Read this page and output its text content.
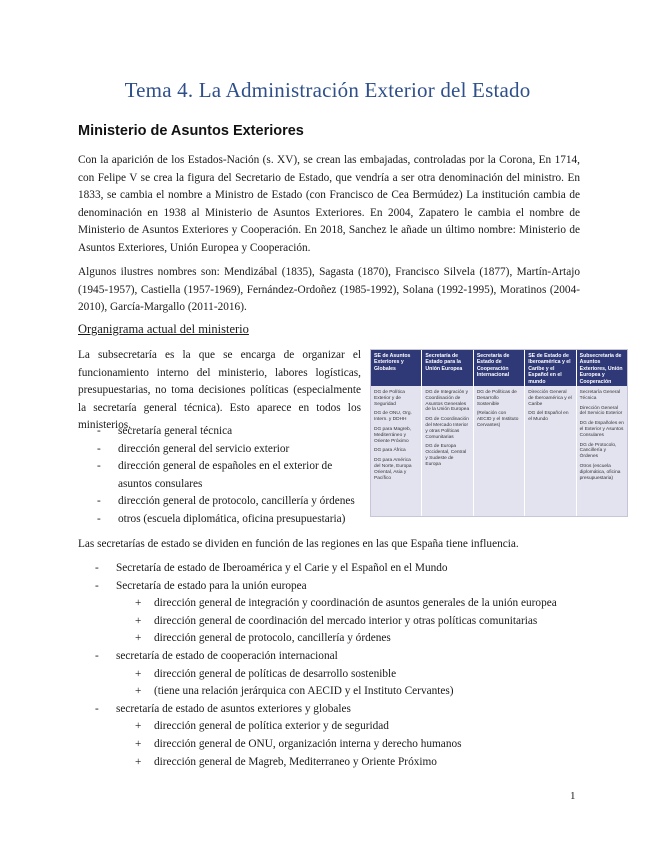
Tema 4. La Administración Exterior del Estado
Ministerio de Asuntos Exteriores
Con la aparición de los Estados-Nación (s. XV), se crean las embajadas, controladas por la Corona, En 1714, con Felipe V se crea la figura del Secretario de Estado, que vendría a ser otra denominación del ministro. En 1833, se cambia el nombre a Ministro de Estado (con Francisco de Cea Bermúdez) La institución cambia de denominación en 1938 al Ministerio de Asuntos Exteriores. En 2004, Zapatero le cambia el nombre de Ministerio de Asuntos Exteriores y Cooperación. En 2018, Sanchez le añade un último nombre: Ministerio de Asuntos Exteriores, Unión Europea y Cooperación.
Algunos ilustres nombres son: Mendizábal (1835), Sagasta (1870), Francisco Silvela (1877), Martín-Artajo (1945-1957), Castiella (1957-1969), Fernández-Ordoñez (1985-1992), Solana (1992-1995), Moratinos (2004-2010), García-Margallo (2011-2016).
Organigrama actual del ministerio
La subsecretaría es la que se encarga de organizar el funcionamiento interno del ministerio, labores logísticas, presupuestarias, no toma decisiones políticas (especialmente la secretaría general técnica). Esto aparece en todos los ministerios.
- secretaría general técnica
- dirección general del servicio exterior
- dirección general de españoles en el exterior de asuntos consulares
- dirección general de protocolo, cancillería y órdenes
- otros (escuela diplomática, oficina presupuestaria)
SE de Asuntos Exteriores y Globales
DG de Política Exterior y de Seguridad
DG de ONU, Org. Intern. y DDHH
DG para Magreb, Mediterráneo y Oriente Próximo
DG para África
DG para América del Norte, Europa Oriental, Asia y Pacífico
Secretaría de Estado para la Unión Europea
DG de Integración y Coordinación de Asuntos Generales de la Unión Europea
DG de Coordinación del Mercado Interior y otras Políticas Comunitarias
DG de Europa Occidental, Central y Sudeste de Europa
Secretaría de Estado de Cooperación Internacional
DG de Políticas de Desarrollo Sostenible
(Relación con AECID y el Instituto Cervantes)
SE de Estado de Iberoamérica y el Caribe y el Español en el mundo
Dirección General de Iberoamérica y el Caribe
DG del Español en el Mundo
Subsecretaría de Asuntos Exteriores, Unión Europea y Cooperación
Secretaría General Técnica
Dirección General del Servicio Exterior
DG de Españoles en el Exterior y Asuntos Consulares
DG de Protocolo, Cancillería y Órdenes
Otros (escuela diplomática, oficina presupuestaria)
Las secretarías de estado se dividen en función de las regiones en las que España tiene influencia.
- Secretaría de estado de Iberoamérica y el Carie y el Español en el Mundo
- Secretaría de estado para la unión europea
+ dirección general de integración y coordinación de asuntos generales de la unión europea
+ dirección general de coordinación del mercado interior y otras políticas comunitarias
+ dirección general de protocolo, cancillería y órdenes
- secretaría de estado de cooperación internacional
+ dirección general de políticas de desarrollo sostenible
+ (tiene una relación jerárquica con AECID y el Instituto Cervantes)
- secretaría de estado de asuntos exteriores y globales
+ dirección general de política exterior y de seguridad
+ dirección general de ONU, organización interna y derecho humanos
+ dirección general de Magreb, Mediterraneo y Oriente Próximo
1
